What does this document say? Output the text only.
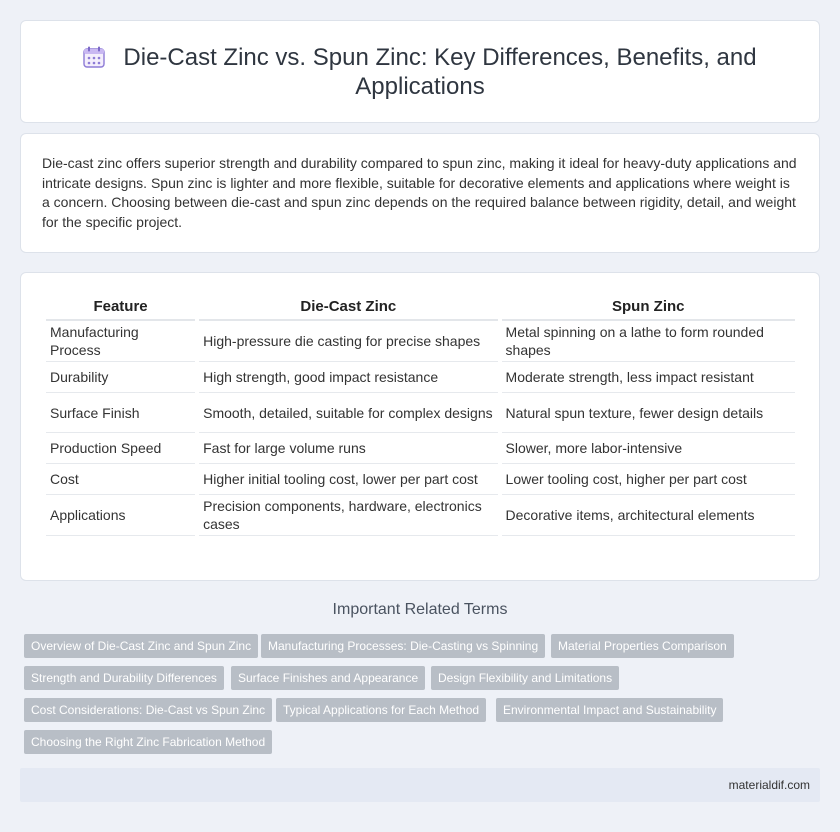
Die-Cast Zinc vs. Spun Zinc: Key Differences, Benefits, and Applications

Die-cast zinc offers superior strength and durability compared to spun zinc, making it ideal for heavy-duty applications and intricate designs. Spun zinc is lighter and more flexible, suitable for decorative elements and applications where weight is a concern. Choosing between die-cast and spun zinc depends on the required balance between rigidity, detail, and weight for the specific project.

Feature	Die-Cast Zinc	Spun Zinc
Manufacturing Process	High-pressure die casting for precise shapes	Metal spinning on a lathe to form rounded shapes
Durability	High strength, good impact resistance	Moderate strength, less impact resistant
Surface Finish	Smooth, detailed, suitable for complex designs	Natural spun texture, fewer design details
Production Speed	Fast for large volume runs	Slower, more labor-intensive
Cost	Higher initial tooling cost, lower per part cost	Lower tooling cost, higher per part cost
Applications	Precision components, hardware, electronics cases	Decorative items, architectural elements
Important Related Terms
Overview of Die-Cast Zinc and Spun Zinc	Manufacturing Processes: Die-Casting vs Spinning	Material Properties Comparison
Strength and Durability Differences	Surface Finishes and Appearance	Design Flexibility and Limitations
Cost Considerations: Die-Cast vs Spun Zinc	Typical Applications for Each Method	Environmental Impact and Sustainability
Choosing the Right Zinc Fabrication Method
materialdif.com
